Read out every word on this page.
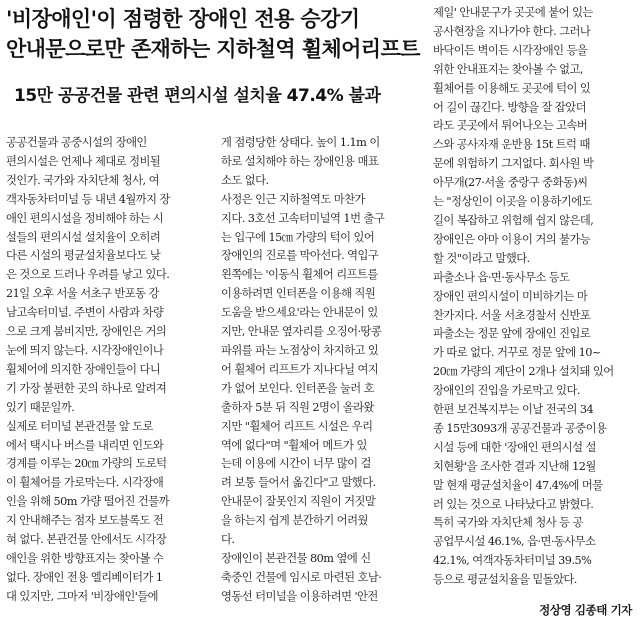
'비장애인'이 점령한 장애인 전용 승강기
안내문으로만 존재하는 지하철역 휠체어리프트
15만 공공건물 관련 편의시설 설치율 47.4% 불과

공공건물과 공중시설의 장애인
편의시설은 언제나 제대로 정비될
것인가. 국가와 자치단체 청사, 여
객자동차터미널 등 내년 4월까지 장
애인 편의시설을 정비해야 하는 시
설들의 편의시설 설치율이 오히려
다른 시설의 평균설치율보다도 낮
은 것으로 드러나 우려를 낳고 있다.
21일 오후 서울 서초구 반포동 강
남고속터미널. 주변이 사람과 차량
으로 크게 붐비지만, 장애인은 거의
눈에 띄지 않는다. 시각장애인이나
휠체어에 의지한 장애인들이 다니
기 가장 불편한 곳의 하나로 알려져
있기 때문일까.
실제로 터미널 본관건물 앞 도로
에서 택시나 버스를 내리면 인도와
경계를 이루는 20㎝ 가량의 도로턱
이 휠체어를 가로막는다. 시각장애
인을 위해 50m 가량 떨어진 건물까
지 안내해주는 점자 보도블록도 전
혀 없다. 본관건물 안에서도 시각장
애인을 위한 방향표지는 찾아볼 수
없다. 장애인 전용 엘리베이터가 1
대 있지만, 그마저 '비장애인'들에

게 점령당한 상태다. 높이 1.1m 이
하로 설치해야 하는 장애인용 매표
소도 없다.
사정은 인근 지하철역도 마찬가
지다. 3호선 고속터미널역 1번 출구
는 입구에 15㎝ 가량의 턱이 있어
장애인의 진로를 막아선다. 역입구
왼쪽에는 '이동식 휠체어 리프트를
이용하려면 인터폰을 이용해 직원
도움을 받으세요'라는 안내문이 있
지만, 안내문 옆자리를 오징어·땅콩
파위를 파는 노점상이 차지하고 있
어 휠체어 리프트가 지나다닐 여지
가 없어 보인다. 인터폰을 눌러 호
출하자 5분 뒤 직원 2명이 올라왔
지만 "휠체어 리프트 시설은 우리
역에 없다"며 "휠체어 메트가 있
는데 이용에 시간이 너무 많이 걸
려 보통 들어서 옮긴다"고 말했다.
안내문이 잘못인지 직원이 거짓말
을 하는지 쉽게 분간하기 어려웠
다.
장애인이 본관건물 80m 옆에 신
축중인 건물에 임시로 마련된 호남·
영동선 터미널을 이용하려면 '안전

제일' 안내문구가 곳곳에 붙어 있는
공사현장을 지나가야 한다. 그러나
바닥이든 벽이든 시각장애인 등을
위한 안내표지는 찾아볼 수 없고,
휠체어를 이용해도 곳곳에 턱이 있
어 길이 끊긴다. 방향을 잘 잡았더
라도 곳곳에서 튀어나오는 고속버
스와 공사자재 운반용 15t 트럭 때
문에 위험하기 그지없다. 회사원 박
아무개(27·서울 중랑구 중화동)씨
는 "정상인이 이곳을 이용하기에도
길이 복잡하고 위험해 쉽지 않은데,
장애인은 아마 이용이 거의 불가능
할 것"이라고 말했다.
파출소나 읍·면·동사무소 등도
장애인 편의시설이 미비하기는 마
찬가지다. 서울 서초경찰서 신반포
파출소는 정문 앞에 장애인 진입로
가 따로 없다. 거꾸로 정문 앞에 10~
20㎝ 가량의 계단이 2개나 설치돼 있어
장애인의 진입을 가로막고 있다.
한편 보건복지부는 이날 전국의 34
종 15만3093개 공공건물과 공중이용
시설 등에 대한 '장애인 편의시설 설
치현황'을 조사한 결과 지난해 12월
말 현재 평균설치율이 47.4%에 머물
러 있는 것으로 나타났다고 밝혔다.
특히 국가와 자치단체 청사 등 공
공업무시설 46.1%, 읍·면·동사무소
42.1%, 여객자동차터미널 39.5%
등으로 평균설치율을 밑돌았다.

정상영 김종태 기자
